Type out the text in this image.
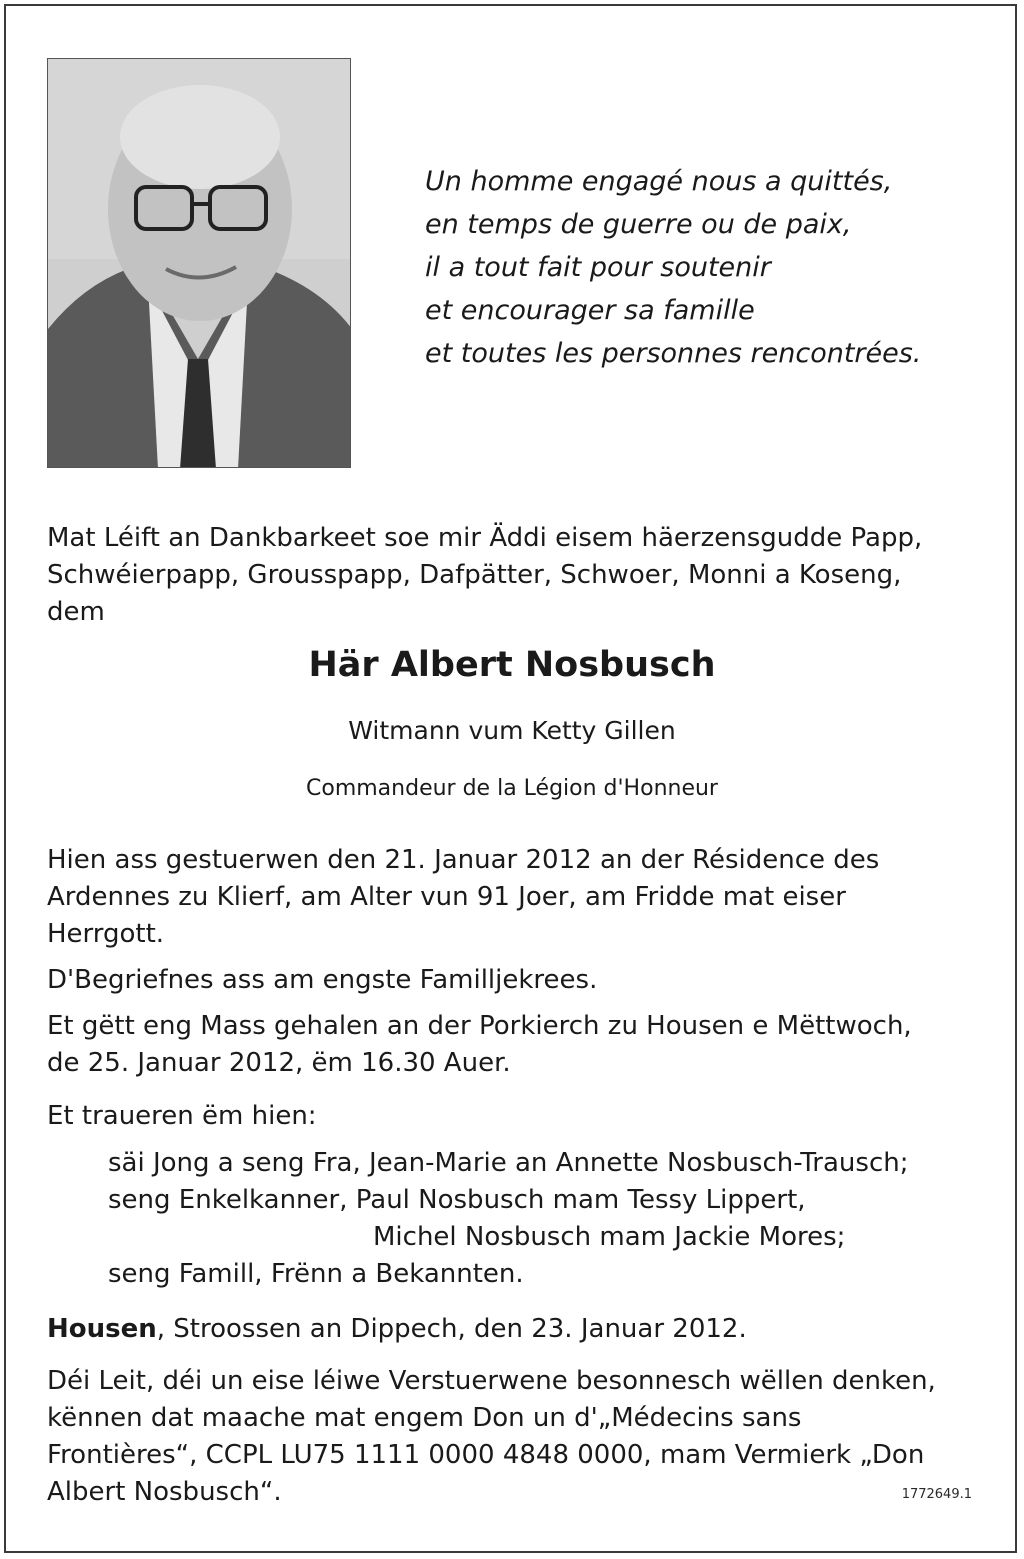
Un homme engagé nous a quittés,
en temps de guerre ou de paix,
il a tout fait pour soutenir
et encourager sa famille
et toutes les personnes rencontrées.
Mat Léift an Dankbarkeet soe mir Äddi eisem häerzensgudde Papp,
Schwéierpapp, Grousspapp, Dafpätter, Schwoer, Monni a Koseng,
dem
Här Albert Nosbusch
Witmann vum Ketty Gillen
Commandeur de la Légion d'Honneur
Hien ass gestuerwen den 21. Januar 2012 an der Résidence des
Ardennes zu Klierf, am Alter vun 91 Joer, am Fridde mat eiser
Herrgott.
D'Begriefnes ass am engste Familljekrees.
Et gëtt eng Mass gehalen an der Porkierch zu Housen e Mëttwoch,
de 25. Januar 2012, ëm 16.30 Auer.
Et traueren ëm hien:
säi Jong a seng Fra, Jean-Marie an Annette Nosbusch-Trausch;
seng Enkelkanner, Paul Nosbusch mam Tessy Lippert,
Michel Nosbusch mam Jackie Mores;
seng Famill, Frënn a Bekannten.
Housen, Stroossen an Dippech, den 23. Januar 2012.
Déi Leit, déi un eise léiwe Verstuerwene besonnesch wëllen denken,
kënnen dat maache mat engem Don un d'„Médecins sans
Frontières“, CCPL LU75 1111 0000 4848 0000, mam Vermierk „Don
Albert Nosbusch“.	1772649.1
